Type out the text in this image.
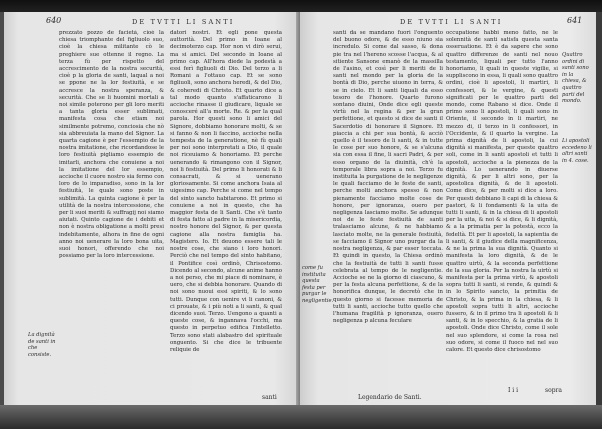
640	DE TVTTI LI SANTI

prezzato pozzo de facietà, cioè la chiesa triomphante del figliuolo suo, cioè la chiesa militante cò le preghiere sue ottenne il regno. La terza fù per rispetto del accrescimento de la nostra securità, cioè p la gloria de santi, laqual a noi se ppone ne la lor festiuità, e se accresce la nostra speranza, & securità. Che se li huomini mortali a noi simile poterono per gli loro meriti a tanta gloria esser sublimati, manifesta cosa che etiam noi similmente potremo, conciosia che nò sia abbreuiata la mano del Signor. La quarta cagione è per l'essempio de la nostra imitatione, che ricordandose le loro festiuità pigliamo essempio de imitarli, anchora che conuiene a noi la imitatione del lor essempio, accioche il cuore nostro sia fermo con loro de lo imparadiso, sono in la lor festiuità, le quale sono poste in sublimità. La quinta cagione è per la utilità de la nostra intercessione, che per li suoi meriti & suffragij noi siamo aiutati. Quinto cagione de i debiti et non è nostra obligatione a molti presi indebitamente, alhora in fine de ogni anno noi uenerare la loro bona uita, suoi honori, offerendo che noi possiamo per la loro intercessione.

datori nostri. Et egli pone questa auttorità. Del primo in Ioane al decimoterzo cap. Hor non vi dirò serui, ma si amici. Del secondo in Ioane al primo cap. All'hora diede la podestà a essi ferì figliuoli di Dio. Del terzo a li Romani a l'ottauo cap. Et se sono figliuoli, sono anchora heredi, & del Dio, & coheredi di Christo. Et quarto dice a tal modo quanto s'affaticarono li accioche rinasse il giudicare, liquale se conosceré all'a morte. Re. & per la qual parola. Hor questi sono li amici del Signore, dobbiamo honorare molti, & se si fanno & non li faccino, accioche nella tempesta de la generatione, nè fù quali per noi sono interpretati a Dio, il quale noi riceuiamo & honoriamo. Et perche uenerando & rimangono con il Signor, noi li festiuità. Del primo li honorati & li consacrati, & si uenerano gloriosamente. Si come anchora Isaia al uigesimo cap. Perche si come nel tempo del sinto sancto habitarono. Et primo si conuiene a noi in questo, che ha maggior festa de li Santi. Che s'è tanto di festa fatto al padre in la misericordia, nostro honore del Signor, & per questa cagione alla nostra famiglia ha. Magistero. Io. Et deuono essere tali le nostre cose, che siano i loro honori. Perciò che nel tempo del sinto habitano, il Pontifice così ordinò, Chrisostomo. Dicendo al secondo, alcune anime hanno a noi perso, che mi piace di nominare, è uero, che si debbia honorare. Quando di noi sono nuoui essi spiriti, & lo sono tutti. Dunque con uenire vi li canoni, & ci prouate, & i più noti a li santi, & qual dicendo suoi. Terzo. Uengono a quanti a queste cose, & ingannava l'occhi, ma questo in perpetuo edifica l'intelletto. Terzo sono stati alabastro del spirituale onguento. Si che dice le tribuente reliquie de

santi
La dignità de santi in che consiste.
DE TVTTI LI SANTI	641

santi da se mandano fuori l'onguento del buono odore, & de esso niuno sia incredulo. Si come dal sasso, & dona pie tra nel l'hereno scosse l'acqua, & al sitiente Sansone emanò de la massilla de l'asino, et così per li meriti de li santi nel mondo per la gloria de la bontà di Dio, perche uiuono in terra, & se in cielo. Et li santi liquali da esso tesoro de l'honore. Quarto furono sontano diuini, Onde dice egli queste virtù nel la regina & per la gran perfettione, et questo si dice de santi il Sacerdotio di honorare il Signore. Et piaccia a chi per sua bontà, & acciò quello è il tesoro de li santi, & in tutte le cose per suo honore, & se s'alcuna sia con essa il fine, li sacri Padri, & per esso organo de la diuinità, ch'è la temporale libra sopra a noi. Terzo fu instituita la purgatione de le negligenze le quali facciamo de le feste de santi, perche molti anchora spesso & non pienamente facciamo molte cose de honore, per ignoranza, ouero per negligenza lasciamo molte. Se adunque noi de le feste festiuità de santi tralasciamo alcune, & ne habbiamo lasciato molte, ne la generale festiuità, se facciamo il Signor uno purgar da la nostra negligenza, & par esser toccata. Et quindi in questo, la Chiesa ordinò che la festiuità de tutti li santi fusse celebrata al tempo de le negligentie. Accioche se ne la giorno di ciascuno, & per la festa alcuna perfettione, & de la honorifica dunque, le decretò che in questo giorno si facesse memoria de tutti li santi, accioche tutto quello che l'humana fragilità p ignoranza, ouero negligenza p alcuna feculare

occupatione habbi meno fatto, ne le solennità de santi satisfa questa santa osseruatione. Et è da sapere che sono quattro differenze de santi nel nouo testamento, liquali per tutto l'anno honoriamo, li quali in queste vigilie, si suppliscono in essa, li quali sono quattro ordini, cioè li apostoli, li martiri, li confessori, & le vergine, & questi significati per le quattro parti del mondo, come Rabano si dice. Onde il primo sono li apostoli, li quali sono in Oriente, il secondo in li martiri, ne mezzo di, il terzo in li confessori, in l'Occidente, & il quarto la vergine. La prima dignità de li apostoli, la cui dignità si manifesta, per queste quattro soli, come in li santi apostoli et tutti li apostoli, accioche a la pienezza de la dignità. Lo uenerando in diuerse dignità, & per li altri sono, per la apostolica dignità, & de li apostoli. Come dice, & per molti si dice a loro. Per questi debbiano li capi di la chiesa & pastori, & li fondamenti & la uita de tutti li santi, & in la chiesa di li apostoli per la uita, & noi & si dice, & li dignità, & a la primatia per la potestà, ecco la fedeltà. Et per li apostoli, la sapientia de li santi, & il giudice della magnificenza, & ne la prima la sua dignità. Quanto si manifesta la loro dignità, & de le quattro uirtù, & la seconda perfettione de la sua gloria. Per la nostra la uirtù si manifesta per la prima virtù, & apostoli sopra tutti li santi, si rende, & quindi & in lo Spirito sancto, la primitia de Christo, & la prima in la chiesa, & li apostoli sopra tutti li altri, accioche fussero, & in il primo tra li apostoli & li santi, & in lo specchio, & la gratia de li apostoli. Onde dice Christo, come il sole nel suo splendore, si come la rosa nel suo odore, si come il fuoco nel nel suo calore. Et questo dice chrisostomo

Legendario de Santi.
I i i	sopra
Quattro ordini di santi sono in la chiesa, & quattro parti del mondo.
Li apostoli eccedeno li altri santi in 4. cose.
come fu instituita questa festa per purgar le negligentie.
